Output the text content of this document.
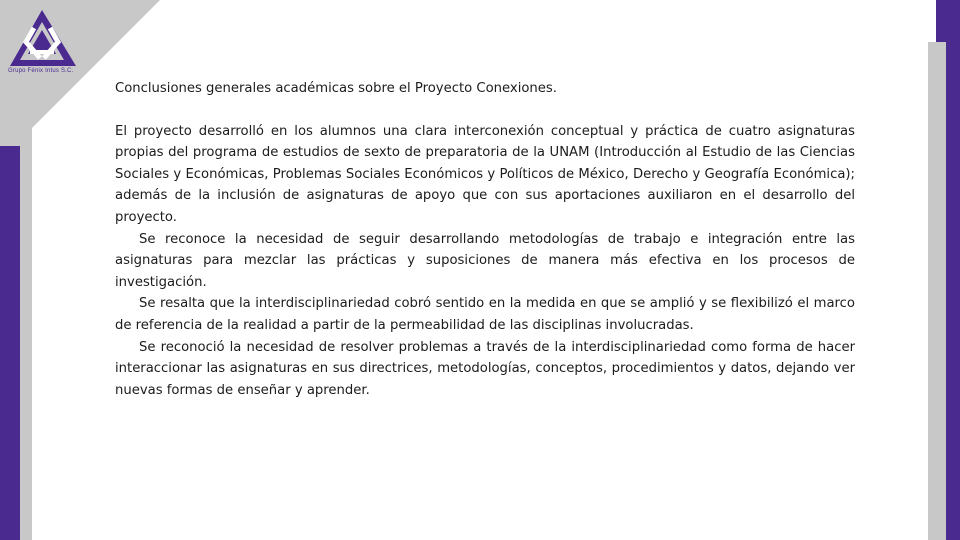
Grupo Fénix Intus S.C.

Conclusiones generales académicas sobre el Proyecto Conexiones.

El proyecto desarrolló en los alumnos una clara interconexión conceptual y práctica de cuatro asignaturas propias del programa de estudios de sexto de preparatoria de la UNAM (Introducción al Estudio de las Ciencias Sociales y Económicas, Problemas Sociales Económicos y Políticos de México, Derecho y Geografía Económica); además de la inclusión de asignaturas de apoyo que con sus aportaciones auxiliaron en el desarrollo del proyecto.

Se reconoce la necesidad de seguir desarrollando metodologías de trabajo e integración entre las asignaturas para mezclar las prácticas y suposiciones de manera más efectiva en los procesos de investigación.

Se resalta que la interdisciplinariedad cobró sentido en la medida en que se amplió y se flexibilizó el marco de referencia de la realidad a partir de la permeabilidad de las disciplinas involucradas.

Se reconoció la necesidad de resolver problemas a través de la interdisciplinariedad como forma de hacer interaccionar las asignaturas en sus directrices, metodologías, conceptos, procedimientos y datos, dejando ver nuevas formas de enseñar y aprender.
